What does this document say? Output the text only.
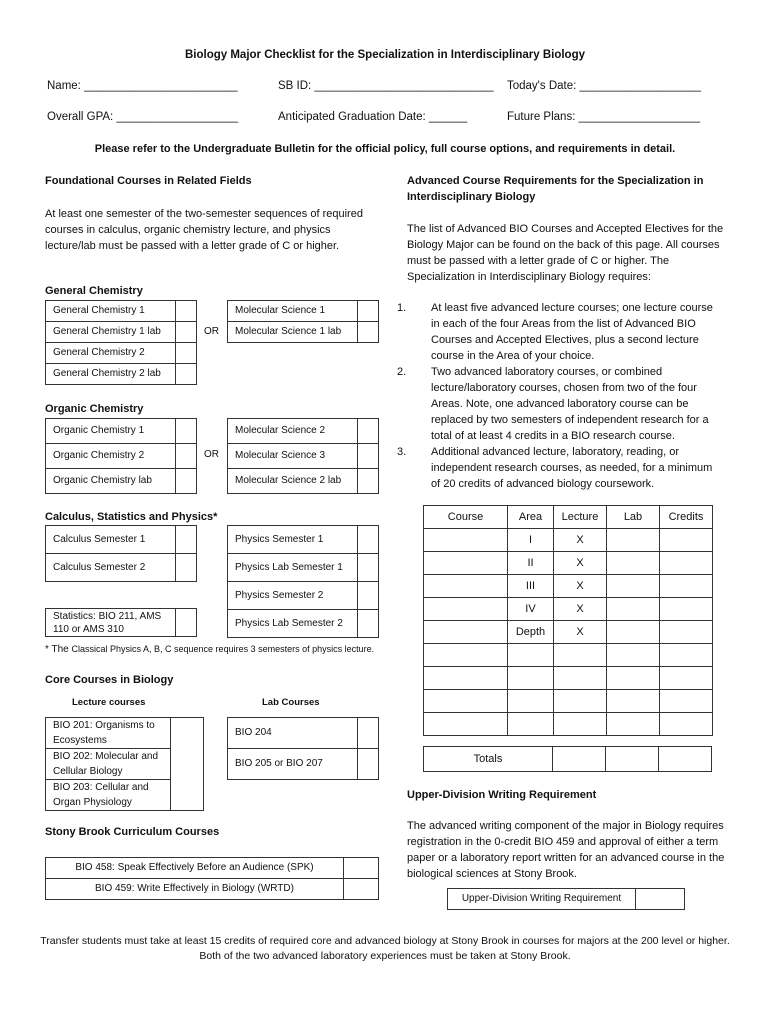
Biology Major Checklist for the Specialization in Interdisciplinary Biology
Name: ________________________	SB ID: ____________________________ Today's Date: ___________________
Overall GPA: ___________________	Anticipated Graduation Date: ______	Future Plans: ___________________
Please refer to the Undergraduate Bulletin for the official policy, full course options, and requirements in detail.
Foundational Courses in Related Fields
At least one semester of the two-semester sequences of required courses in calculus, organic chemistry lecture, and physics lecture/lab must be passed with a letter grade of C or higher.
General Chemistry
General Chemistry 1	
General Chemistry 1 lab	
General Chemistry 2	
General Chemistry 2 lab	
OR
Molecular Science 1	
Molecular Science 1 lab	
Organic Chemistry
Organic Chemistry 1	
Organic Chemistry 2	
Organic Chemistry lab	
OR
Molecular Science 2	
Molecular Science 3	
Molecular Science 2 lab	
Calculus, Statistics and Physics*
Calculus Semester 1	
Calculus Semester 2	
Statistics: BIO 211, AMS 110 or AMS 310	
Physics Semester 1	
Physics Lab Semester 1	
Physics Semester 2	
Physics Lab Semester 2	
* The Classical Physics A, B, C sequence requires 3 semesters of physics lecture.
Core Courses in Biology
Lecture courses	Lab Courses
BIO 201: Organisms to Ecosystems	
BIO 202: Molecular and Cellular Biology
BIO 203: Cellular and Organ Physiology
BIO 204	
BIO 205 or BIO 207	
Stony Brook Curriculum Courses
BIO 458: Speak Effectively Before an Audience (SPK)	
BIO 459: Write Effectively in Biology (WRTD)	
Advanced Course Requirements for the Specialization in Interdisciplinary Biology
The list of Advanced BIO Courses and Accepted Electives for the Biology Major can be found on the back of this page. All courses must be passed with a letter grade of C or higher. The Specialization in Interdisciplinary Biology requires:
1. At least five advanced lecture courses; one lecture course in each of the four Areas from the list of Advanced BIO Courses and Accepted Electives, plus a second lecture course in the Area of your choice.
2. Two advanced laboratory courses, or combined lecture/laboratory courses, chosen from two of the four Areas. Note, one advanced laboratory course can be replaced by two semesters of independent research for a total of at least 4 credits in a BIO research course.
3. Additional advanced lecture, laboratory, reading, or independent research courses, as needed, for a minimum of 20 credits of advanced biology coursework.
Course	Area	Lecture	Lab	Credits
	I	X		
	II	X		
	III	X		
	IV	X		
	Depth	X		

Totals			
Upper-Division Writing Requirement
The advanced writing component of the major in Biology requires registration in the 0-credit BIO 459 and approval of either a term paper or a laboratory report written for an advanced course in the biological sciences at Stony Brook.
Upper-Division Writing Requirement	
Transfer students must take at least 15 credits of required core and advanced biology at Stony Brook in courses for majors at the 200 level or higher. Both of the two advanced laboratory experiences must be taken at Stony Brook.
